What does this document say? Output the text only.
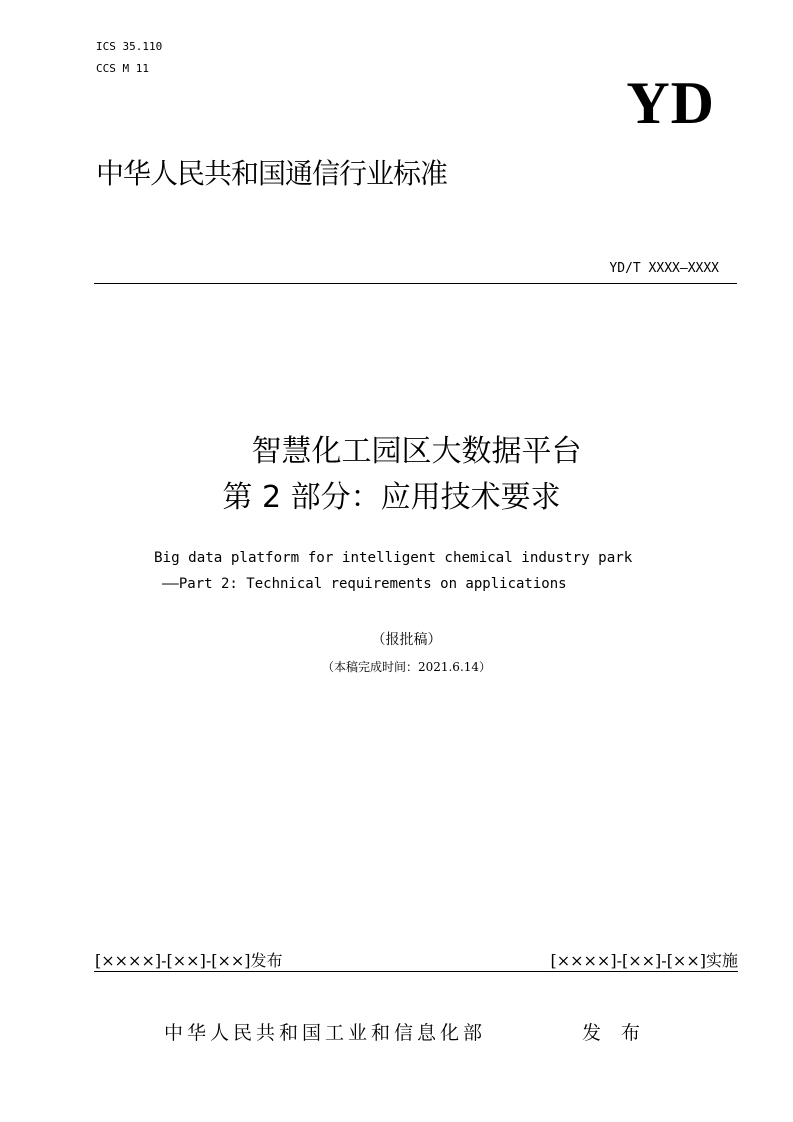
ICS 35.110
CCS M 11
YD
中华人民共和国通信行业标准
YD/T XXXX—XXXX
智慧化工园区大数据平台
第 2 部分：应用技术要求
Big data platform for intelligent chemical industry park
——Part 2: Technical requirements on applications
（报批稿）
（本稿完成时间：2021.6.14）
[××××]-[××]-[××]发布	[××××]-[××]-[××]实施
中华人民共和国工业和信息化部	发布
